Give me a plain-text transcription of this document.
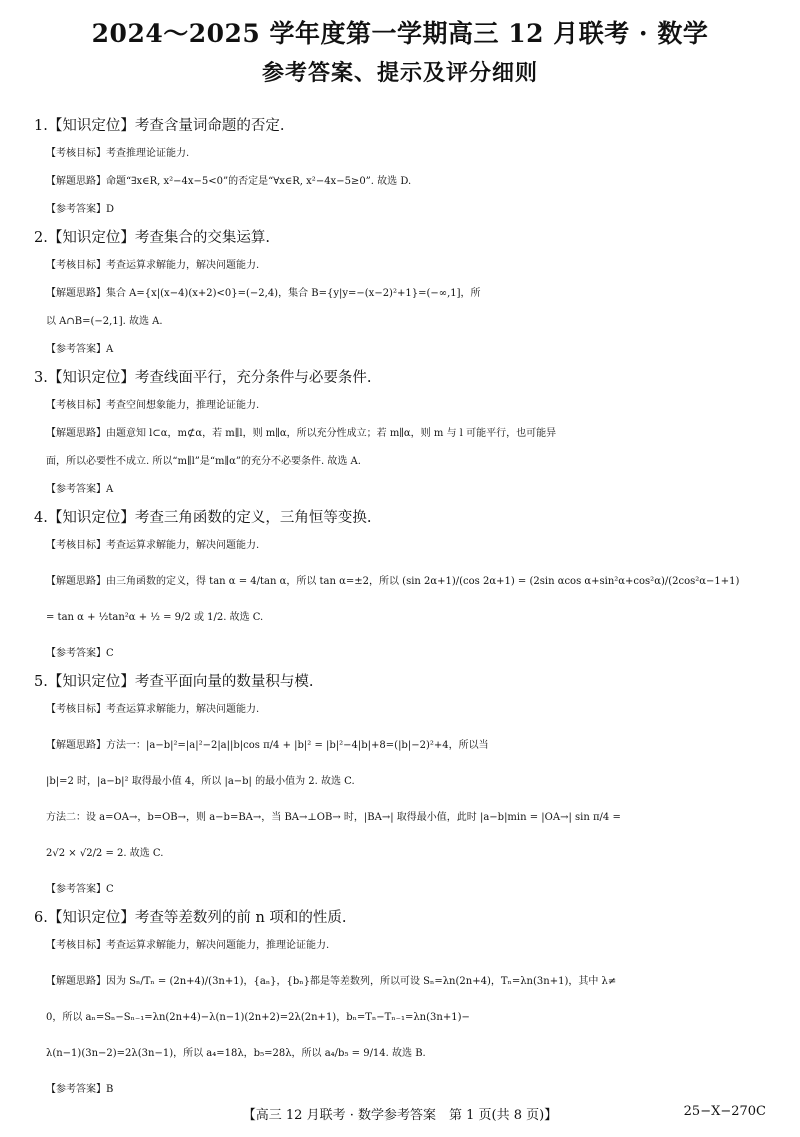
2024～2025 学年度第一学期高三 12 月联考 · 数学
参考答案、提示及评分细则

1.【知识定位】考查含量词命题的否定.

【考核目标】考查推理论证能力.

【解题思路】命题“∃x∈R, x²−4x−5<0”的否定是“∀x∈R, x²−4x−5≥0”. 故选 D.

【参考答案】D

2.【知识定位】考查集合的交集运算.

【考核目标】考查运算求解能力，解决问题能力.

【解题思路】集合 A={x|(x−4)(x+2)<0}=(−2,4)，集合 B={y|y=−(x−2)²+1}=(−∞,1]，所

以 A∩B=(−2,1]. 故选 A.

【参考答案】A

3.【知识定位】考查线面平行，充分条件与必要条件.

【考核目标】考查空间想象能力，推理论证能力.

【解题思路】由题意知 l⊂α，m⊄α，若 m∥l，则 m∥α，所以充分性成立；若 m∥α，则 m 与 l 可能平行，也可能异

面，所以必要性不成立. 所以“m∥l”是“m∥α”的充分不必要条件. 故选 A.

【参考答案】A

4.【知识定位】考查三角函数的定义，三角恒等变换.

【考核目标】考查运算求解能力，解决问题能力.

【解题思路】由三角函数的定义，得 tan α = 4/tan α，所以 tan α=±2，所以 (sin 2α+1)/(cos 2α+1) = (2sin αcos α+sin²α+cos²α)/(2cos²α−1+1)

= tan α + ½tan²α + ½ = 9/2 或 1/2. 故选 C.

【参考答案】C

5.【知识定位】考查平面向量的数量积与模.

【考核目标】考查运算求解能力，解决问题能力.

【解题思路】方法一：|a−b|²=|a|²−2|a||b|cos π/4 + |b|² = |b|²−4|b|+8=(|b|−2)²+4，所以当

|b|=2 时，|a−b|² 取得最小值 4，所以 |a−b| 的最小值为 2. 故选 C.

方法二：设 a=OA→，b=OB→，则 a−b=BA→，当 BA→⊥OB→ 时，|BA→| 取得最小值，此时 |a−b|min = |OA→| sin π/4 =

2√2 × √2/2 = 2. 故选 C.

【参考答案】C

6.【知识定位】考查等差数列的前 n 项和的性质.

【考核目标】考查运算求解能力，解决问题能力，推理论证能力.

【解题思路】因为 Sₙ/Tₙ = (2n+4)/(3n+1)，{aₙ}，{bₙ}都是等差数列，所以可设 Sₙ=λn(2n+4)，Tₙ=λn(3n+1)，其中 λ≠

0，所以 aₙ=Sₙ−Sₙ₋₁=λn(2n+4)−λ(n−1)(2n+2)=2λ(2n+1)，bₙ=Tₙ−Tₙ₋₁=λn(3n+1)−

λ(n−1)(3n−2)=2λ(3n−1)，所以 a₄=18λ，b₅=28λ，所以 a₄/b₅ = 9/14. 故选 B.

【参考答案】B

【高三 12 月联考 · 数学参考答案　第 1 页(共 8 页)】	25−X−270C
